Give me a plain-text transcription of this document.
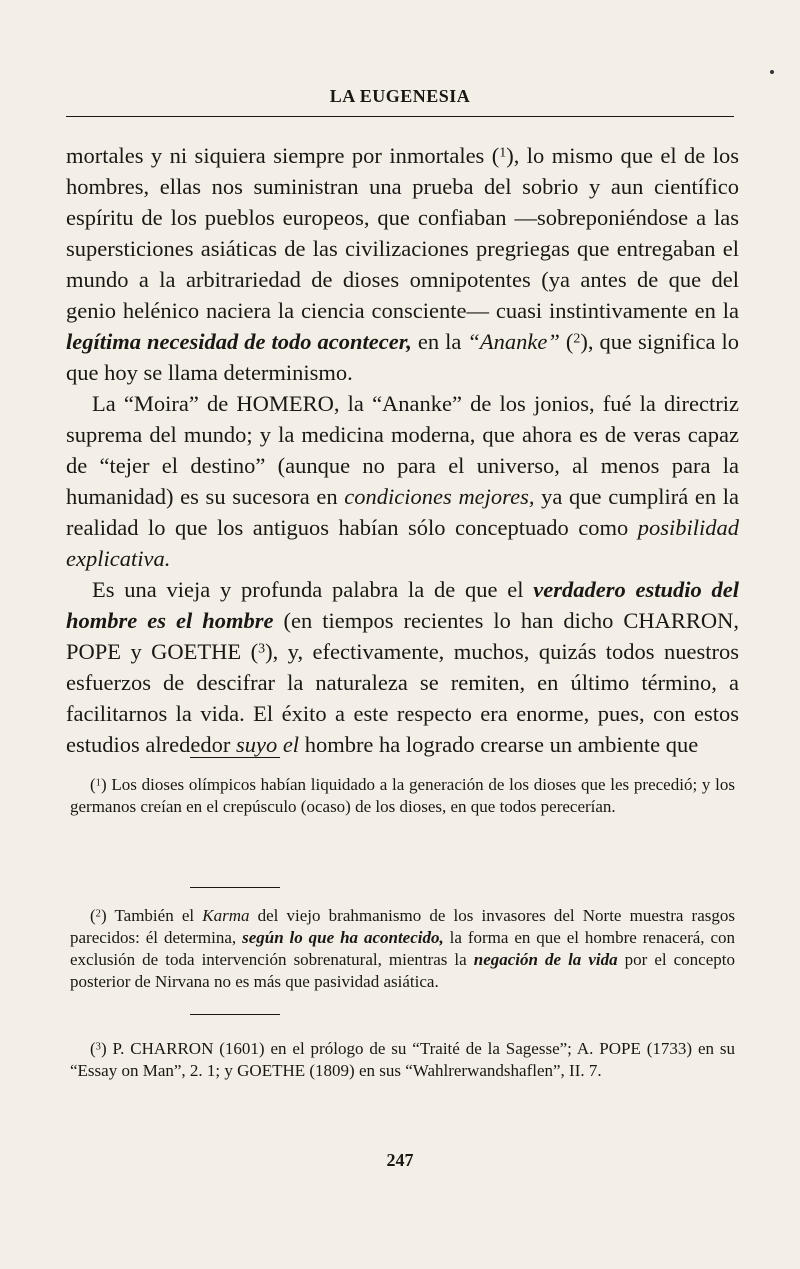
LA EUGENESIA

mortales y ni siquiera siempre por inmortales ($^1$), lo mismo que el de los hombres, ellas nos suministran una prueba del sobrio y aun científico espíritu de los pueblos europeos, que confiaban —sobreponiéndose a las supersticiones asiáticas de las civilizaciones pregriegas que entregaban el mundo a la arbitrariedad de dioses omnipotentes (ya antes de que del genio helénico naciera la ciencia consciente— cuasi instintivamente en la legítima necesidad de todo acontecer, en la “Ananke” ($^2$), que significa lo que hoy se llama determinismo.

La “Moira” de HOMERO, la “Ananke” de los jonios, fué la directriz suprema del mundo; y la medicina moderna, que ahora es de veras capaz de “tejer el destino” (aunque no para el universo, al menos para la humanidad) es su sucesora en condiciones mejores, ya que cumplirá en la realidad lo que los antiguos habían sólo conceptuado como posibilidad explicativa.

Es una vieja y profunda palabra la de que el verdadero estudio del hombre es el hombre (en tiempos recientes lo han dicho CHARRON, POPE y GOETHE ($^3$), y, efectivamente, muchos, quizás todos nuestros esfuerzos de descifrar la naturaleza se remiten, en último término, a facilitarnos la vida. El éxito a este respecto era enorme, pues, con estos estudios alrededor suyo el hombre ha logrado crearse un ambiente que

($^1$) Los dioses olímpicos habían liquidado a la generación de los dioses que les precedió; y los germanos creían en el crepúsculo (ocaso) de los dioses, en que todos perecerían.
($^2$) También el Karma del viejo brahmanismo de los invasores del Norte muestra rasgos parecidos: él determina, según lo que ha acontecido, la forma en que el hombre renacerá, con exclusión de toda intervención sobrenatural, mientras la negación de la vida por el concepto posterior de Nirvana no es más que pasividad asiática.
($^3$) P. CHARRON (1601) en el prólogo de su “Traité de la Sagesse”; A. POPE (1733) en su “Essay on Man”, 2. 1; y GOETHE (1809) en sus “Wahlrerwandshaflen”, II. 7.
247
